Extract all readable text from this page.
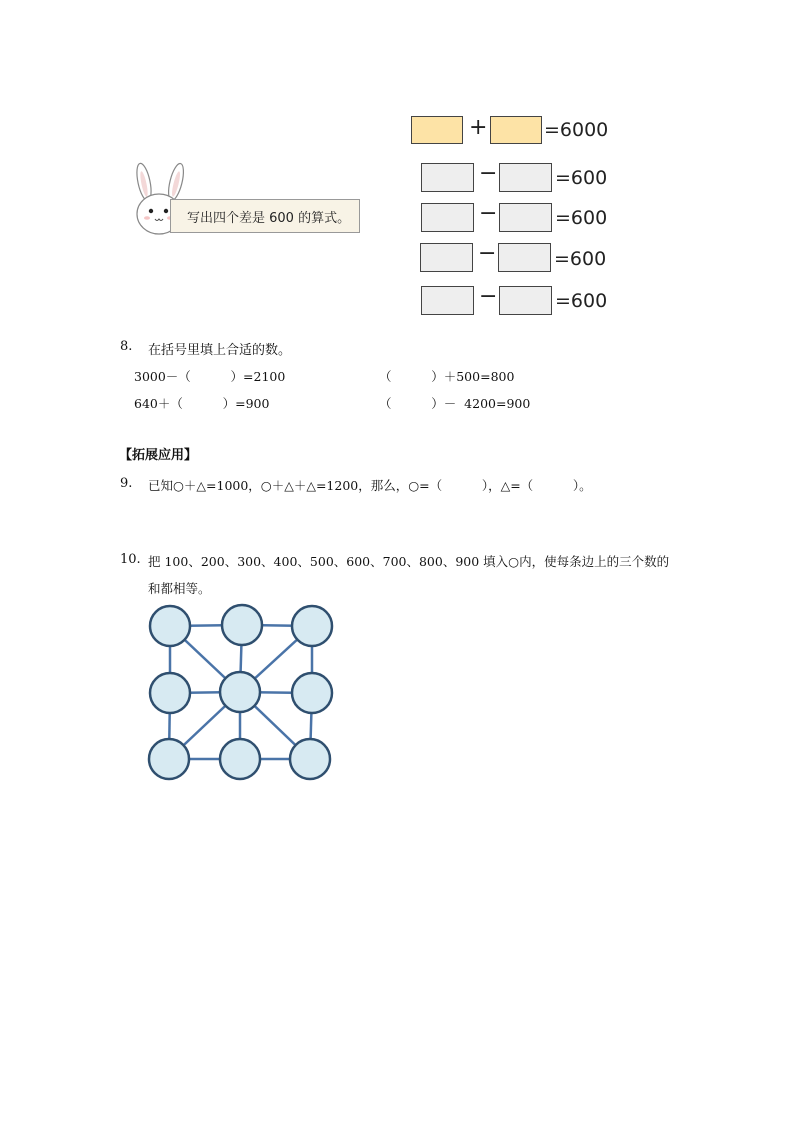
写出四个差是 600 的算式。
+	=6000
−	=600
−	=600
−	=600
−	=600
8. 在括号里填上合适的数。
3000－（          ）=2100	（          ）＋500=800
640＋（          ）=900	（          ）－  4200=900
【拓展应用】
9. 已知○＋△=1000，○＋△＋△=1200，那么，○=（          ），△=（          ）。
10. 把 100、200、300、400、500、600、700、800、900 填入○内，使每条边上的三个数的
和都相等。
